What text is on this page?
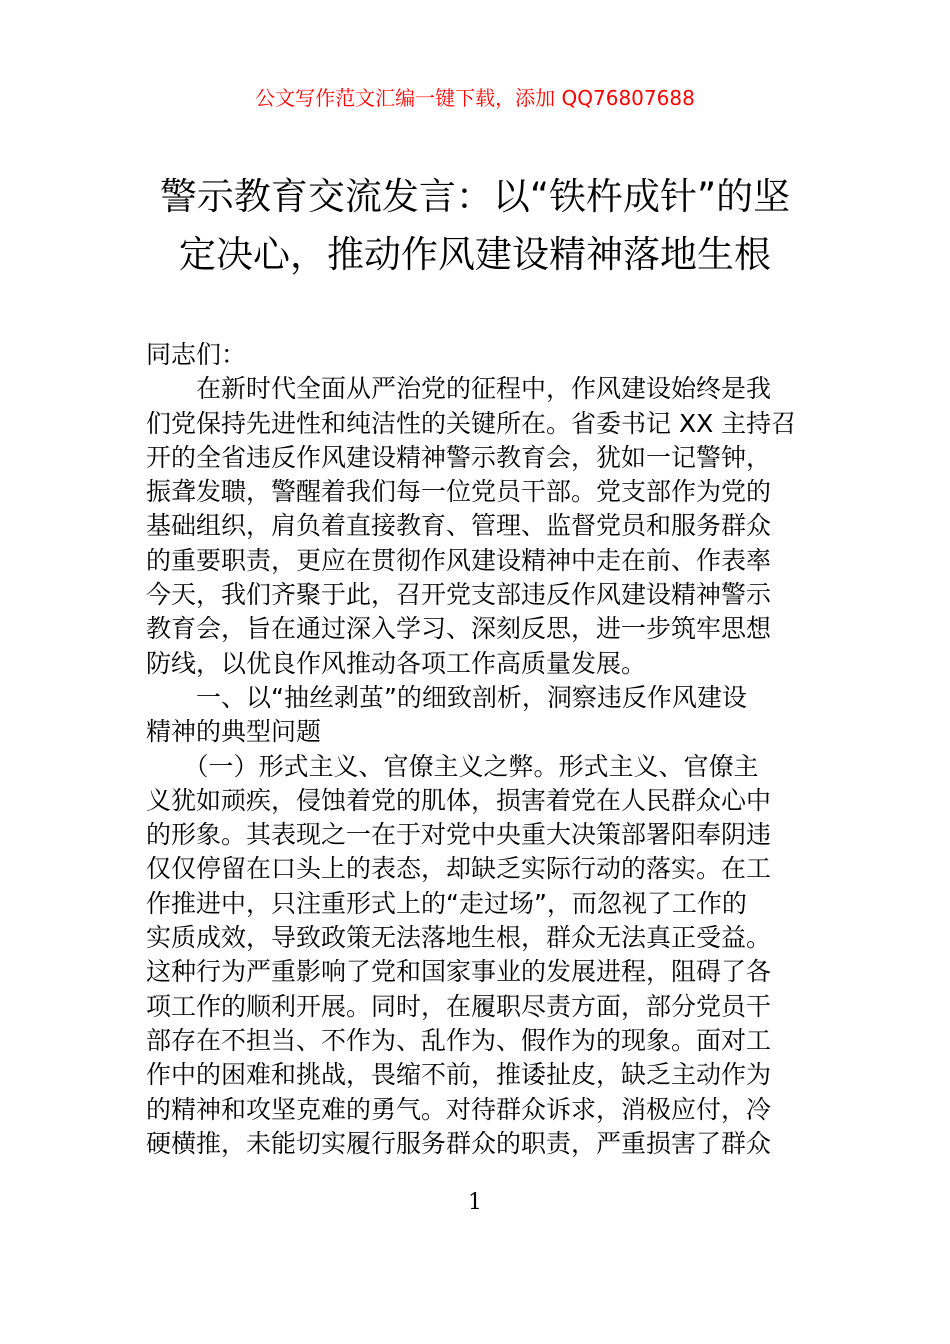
公文写作范文汇编一键下载，添加 QQ76807688
警示教育交流发言：以“铁杵成针”的坚
定决心，推动作风建设精神落地生根

同志们：

　　在新时代全面从严治党的征程中，作风建设始终是我
们党保持先进性和纯洁性的关键所在。省委书记 XX 主持召
开的全省违反作风建设精神警示教育会，犹如一记警钟，
振聋发聩，警醒着我们每一位党员干部。党支部作为党的
基础组织，肩负着直接教育、管理、监督党员和服务群众
的重要职责，更应在贯彻作风建设精神中走在前、作表率
今天，我们齐聚于此，召开党支部违反作风建设精神警示
教育会，旨在通过深入学习、深刻反思，进一步筑牢思想
防线，以优良作风推动各项工作高质量发展。

　　一、以“抽丝剥茧”的细致剖析，洞察违反作风建设
精神的典型问题

　　（一）形式主义、官僚主义之弊。形式主义、官僚主
义犹如顽疾，侵蚀着党的肌体，损害着党在人民群众心中
的形象。其表现之一在于对党中央重大决策部署阳奉阴违
仅仅停留在口头上的表态，却缺乏实际行动的落实。在工
作推进中，只注重形式上的“走过场”，而忽视了工作的
实质成效，导致政策无法落地生根，群众无法真正受益。
这种行为严重影响了党和国家事业的发展进程，阻碍了各
项工作的顺利开展。同时，在履职尽责方面，部分党员干
部存在不担当、不作为、乱作为、假作为的现象。面对工
作中的困难和挑战，畏缩不前，推诿扯皮，缺乏主动作为
的精神和攻坚克难的勇气。对待群众诉求，消极应付，冷
硬横推，未能切实履行服务群众的职责，严重损害了群众

1
